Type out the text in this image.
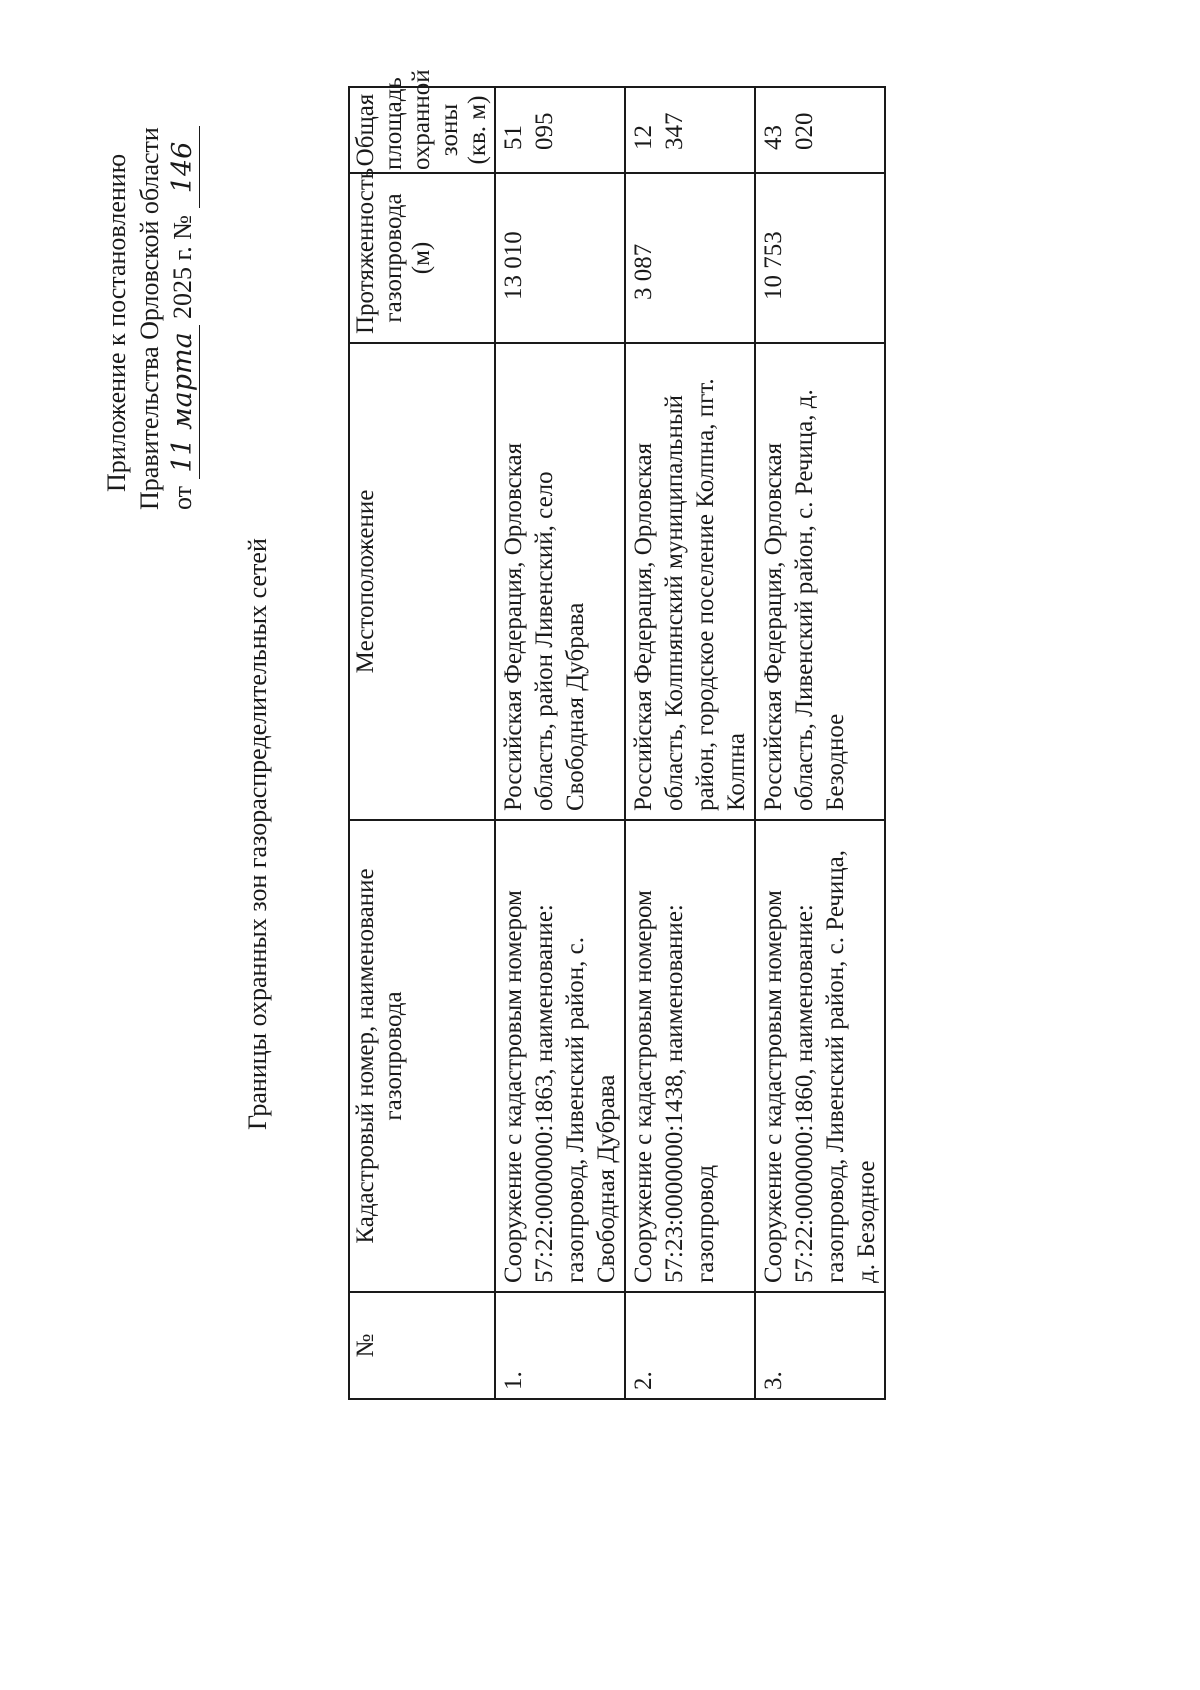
Приложение к постановлению Правительства Орловской области от 11 марта 2025 г. № 146
Границы охранных зон газораспределительных сетей
№	Кадастровый номер, наименование газопровода	Местоположение	Протяженность газопровода (м)	Общая площадь охранной зоны (кв. м)
1.	Сооружение с кадастровым номером 57:22:0000000:1863, наименование: газопровод, Ливенский район, с. Свободная Дубрава	Российская Федерация, Орловская область, район Ливенский, село Свободная Дубрава	13 010	51 095
2.	Сооружение с кадастровым номером 57:23:0000000:1438, наименование: газопровод	Российская Федерация, Орловская область, Колпнянский муниципальный район, городское поселение Колпна, пгт. Колпна	3 087	12 347
3.	Сооружение с кадастровым номером 57:22:0000000:1860, наименование: газопровод, Ливенский район, с. Речица, д. Безодное	Российская Федерация, Орловская область, Ливенский район, с. Речица, д. Безодное	10 753	43 020
